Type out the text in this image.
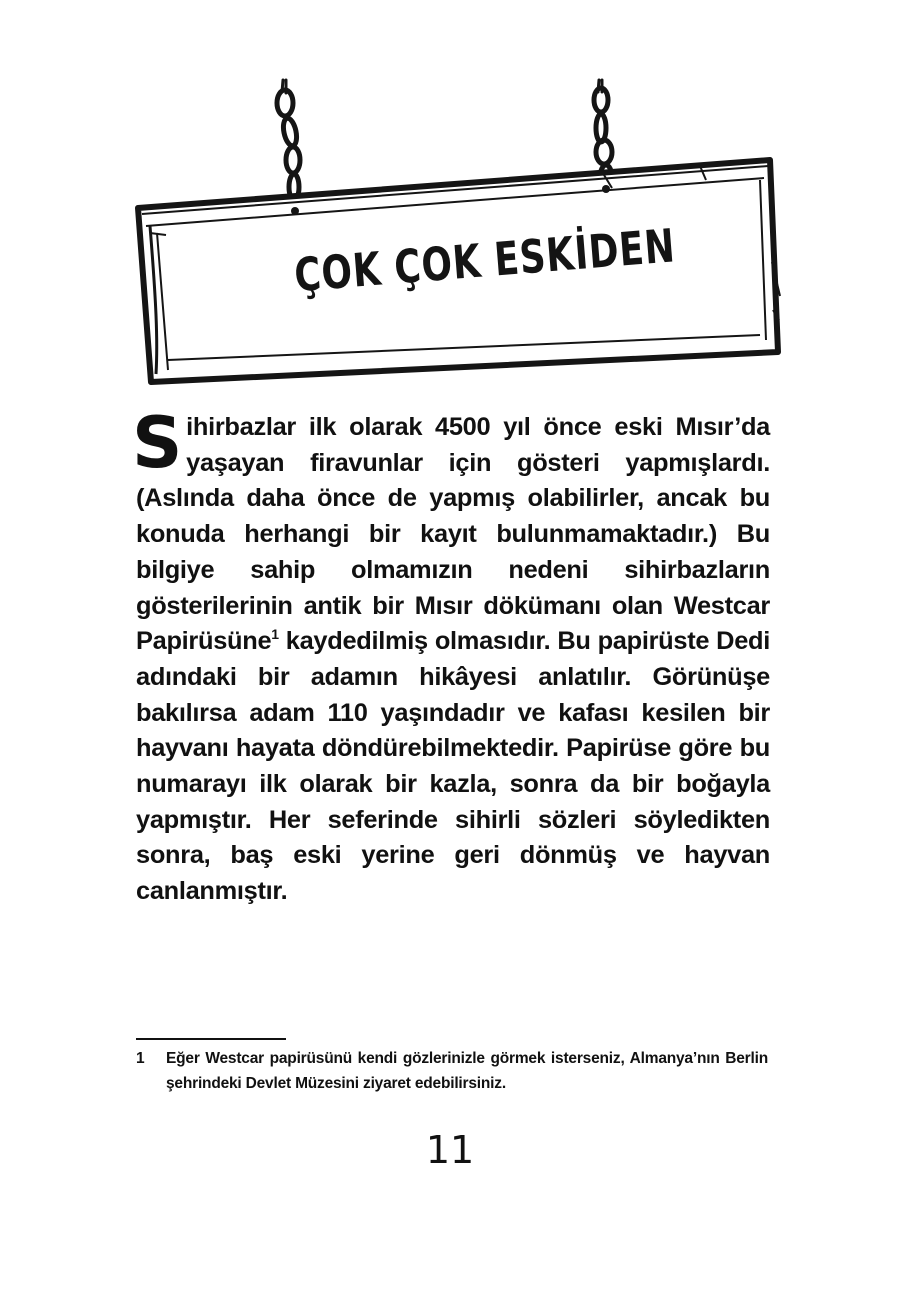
ÇOK ÇOK ESKİDEN

Sihirbazlar ilk olarak 4500 yıl önce eski Mısır’da yaşayan firavunlar için gösteri yapmışlardı. (Aslında daha önce de yapmış olabilirler, ancak bu konuda herhangi bir kayıt bulunmamaktadır.) Bu bilgiye sahip olmamızın nedeni sihirbazların gösterilerinin antik bir Mısır dökümanı olan Westcar Papirüsüne$^1$ kaydedilmiş olmasıdır. Bu papirüste Dedi adındaki bir adamın hikâyesi anlatılır. Görünüşe bakılırsa adam 110 yaşındadır ve kafası kesilen bir hayvanı hayata döndürebilmektedir. Papirüse göre bu numarayı ilk olarak bir kazla, sonra da bir boğayla yapmıştır. Her seferinde sihirli sözleri söyledikten sonra, baş eski yerine geri dönmüş ve hayvan canlanmıştır.

1 Eğer Westcar papirüsünü kendi gözlerinizle görmek isterseniz, Almanya’nın Berlin şehrindeki Devlet Müzesini ziyaret edebilirsiniz.
11
